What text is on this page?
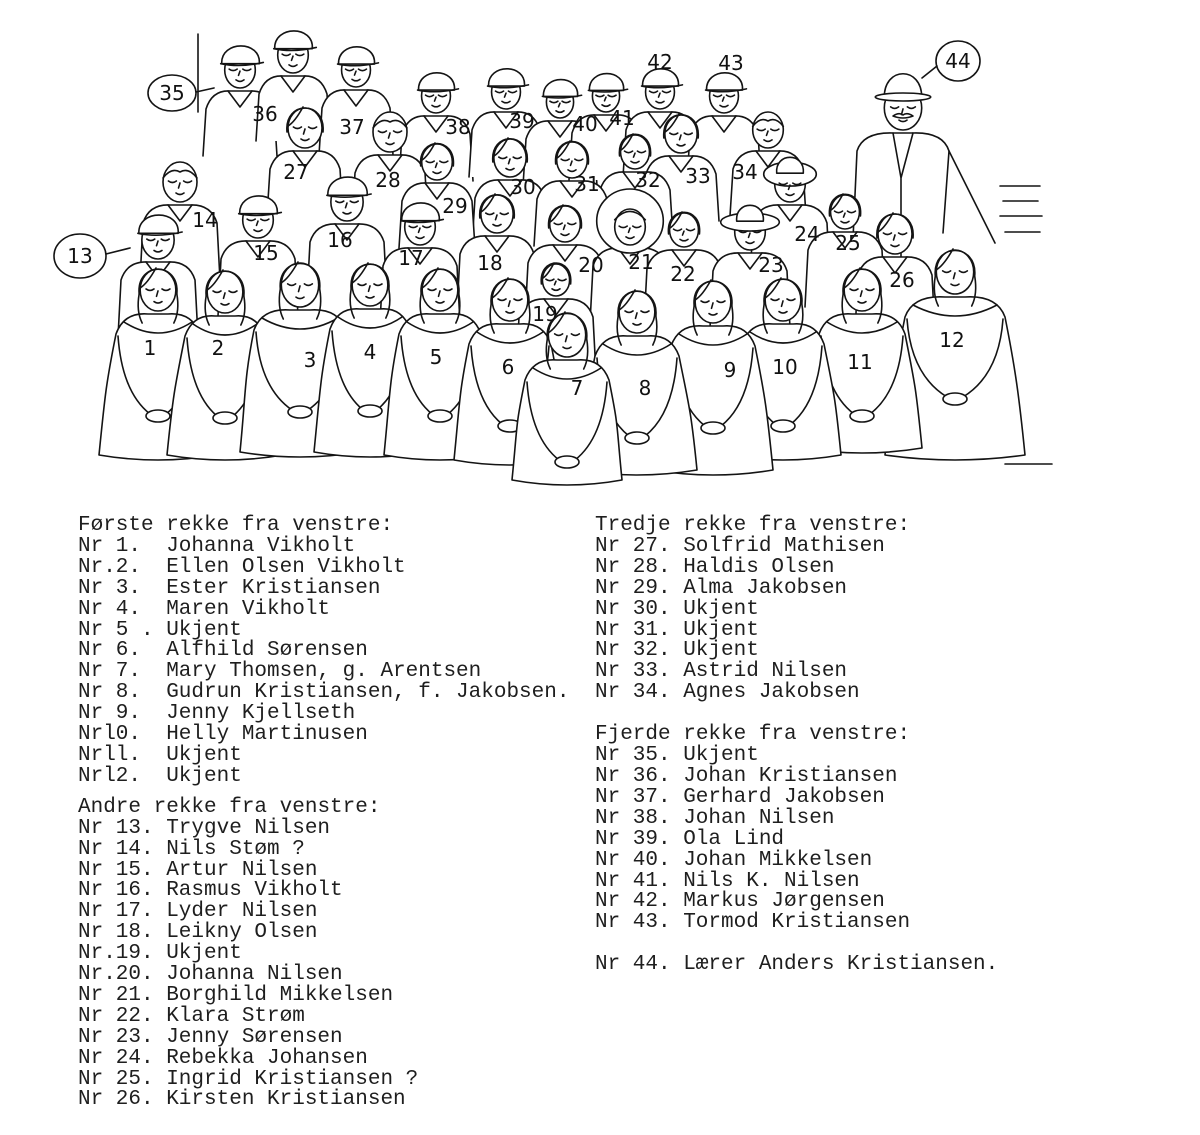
1	2	3 4	5	6
7	8
9 10 11
12
13
14
15
16
17	18
19
20 21 22	23
24 25
26
27	28
29
30 31 32 33 34
35
36
37	38 39 40 41
42 43	44
Første rekke fra venstre:
Nr 1. Johanna Vikholt
Nr.2. Ellen Olsen Vikholt
Nr 3. Ester Kristiansen
Nr 4. Maren Vikholt
Nr 5 . Ukjent
Nr 6. Alfhild Sørensen
Nr 7. Mary Thomsen, g. Arentsen
Nr 8. Gudrun Kristiansen, f. Jakobsen.
Nr 9. Jenny Kjellseth
Nrl0. Helly Martinusen
Nrll. Ukjent
Nrl2. Ukjent
Andre rekke fra venstre:
Nr 13. Trygve Nilsen
Nr 14. Nils Støm ?
Nr 15. Artur Nilsen
Nr 16. Rasmus Vikholt
Nr 17. Lyder Nilsen
Nr 18. Leikny Olsen
Nr.19. Ukjent
Nr.20. Johanna Nilsen
Nr 21. Borghild Mikkelsen
Nr 22. Klara Strøm
Nr 23. Jenny Sørensen
Nr 24. Rebekka Johansen
Nr 25. Ingrid Kristiansen ?
Nr 26. Kirsten Kristiansen
Tredje rekke fra venstre:
Nr 27. Solfrid Mathisen
Nr 28. Haldis Olsen
Nr 29. Alma Jakobsen
Nr 30. Ukjent
Nr 31. Ukjent
Nr 32. Ukjent
Nr 33. Astrid Nilsen
Nr 34. Agnes Jakobsen
Fjerde rekke fra venstre:
Nr 35. Ukjent
Nr 36. Johan Kristiansen
Nr 37. Gerhard Jakobsen
Nr 38. Johan Nilsen
Nr 39. Ola Lind
Nr 40. Johan Mikkelsen
Nr 41. Nils K. Nilsen
Nr 42. Markus Jørgensen
Nr 43. Tormod Kristiansen
Nr 44. Lærer Anders Kristiansen.
